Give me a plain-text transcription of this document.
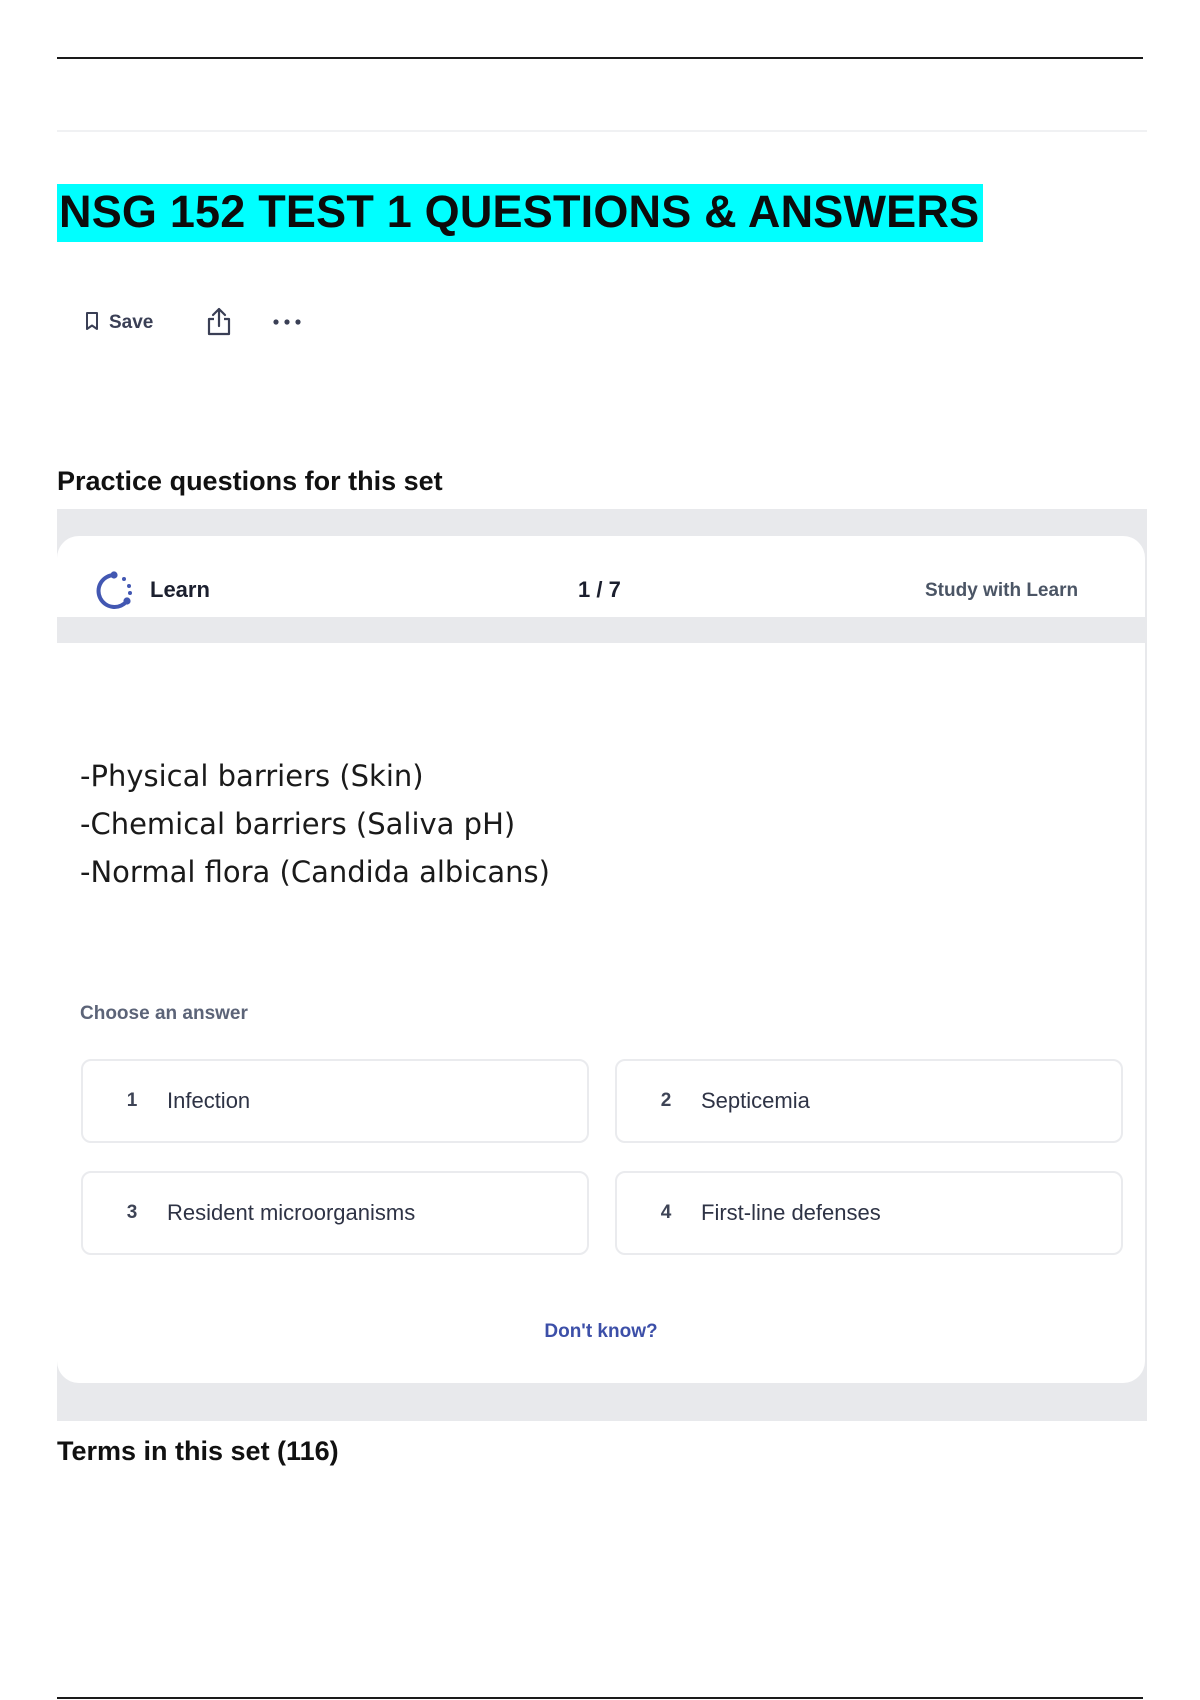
NSG 152 TEST 1 QUESTIONS & ANSWERS
Save
Practice questions for this set
Learn	1 / 7	Study with Learn
-Physical barriers (Skin)
-Chemical barriers (Saliva pH)
-Normal flora (Candida albicans)
Choose an answer
1	Infection	2	Septicemia
3	Resident microorganisms	4	First-line defenses
Don't know?
Terms in this set (116)
